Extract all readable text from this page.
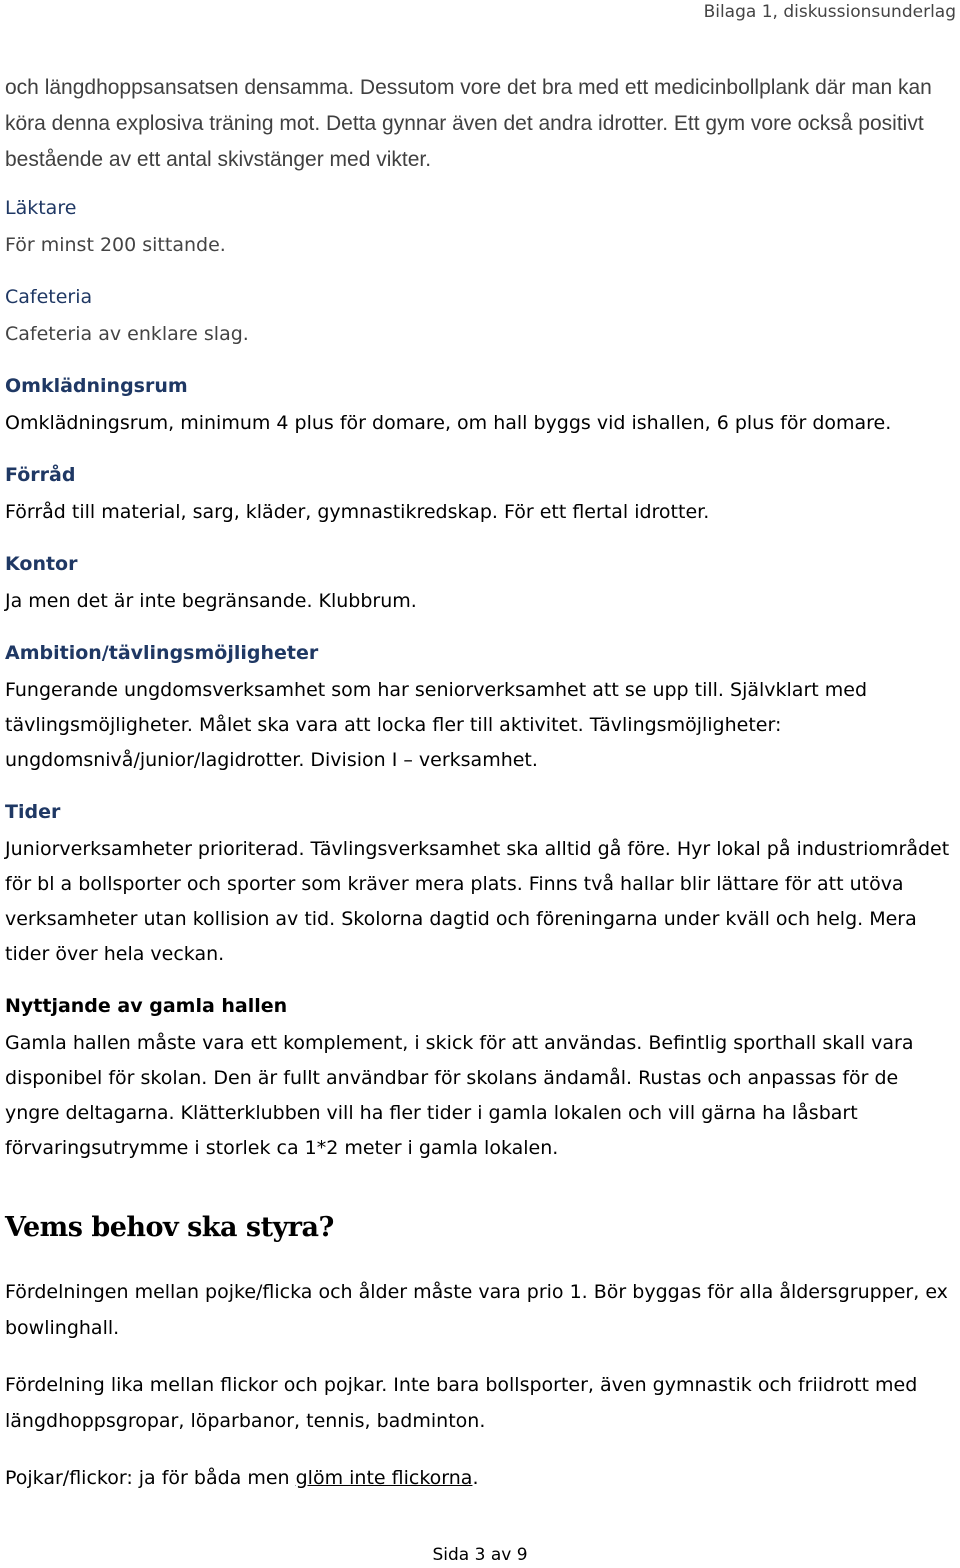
Bilaga 1, diskussionsunderlag

och längdhoppsansatsen densamma. Dessutom vore det bra med ett medicinbollplank där man kan köra denna explosiva träning mot. Detta gynnar även det andra idrotter. Ett gym vore också positivt bestående av ett antal skivstänger med vikter.

Läktare

För minst 200 sittande.

Cafeteria

Cafeteria av enklare slag.

Omklädningsrum

Omklädningsrum, minimum 4 plus för domare, om hall byggs vid ishallen, 6 plus för domare.

Förråd

Förråd till material, sarg, kläder, gymnastikredskap. För ett flertal idrotter.

Kontor

Ja men det är inte begränsande. Klubbrum.

Ambition/tävlingsmöjligheter

Fungerande ungdomsverksamhet som har seniorverksamhet att se upp till. Självklart med tävlingsmöjligheter. Målet ska vara att locka fler till aktivitet. Tävlingsmöjligheter: ungdomsnivå/junior/lagidrotter. Division I – verksamhet.

Tider

Juniorverksamheter prioriterad. Tävlingsverksamhet ska alltid gå före. Hyr lokal på industriområdet för bl a bollsporter och sporter som kräver mera plats. Finns två hallar blir lättare för att utöva verksamheter utan kollision av tid. Skolorna dagtid och föreningarna under kväll och helg. Mera tider över hela veckan.

Nyttjande av gamla hallen

Gamla hallen måste vara ett komplement, i skick för att användas. Befintlig sporthall skall vara disponibel för skolan. Den är fullt användbar för skolans ändamål. Rustas och anpassas för de yngre deltagarna. Klätterklubben vill ha fler tider i gamla lokalen och vill gärna ha låsbart förvaringsutrymme i storlek ca 1*2 meter i gamla lokalen.

Vems behov ska styra?

Fördelningen mellan pojke/flicka och ålder måste vara prio 1. Bör byggas för alla åldersgrupper, ex bowlinghall.

Fördelning lika mellan flickor och pojkar. Inte bara bollsporter, även gymnastik och friidrott med längdhoppsgropar, löparbanor, tennis, badminton.

Pojkar/flickor: ja för båda men glöm inte flickorna.

Sida 3 av 9
